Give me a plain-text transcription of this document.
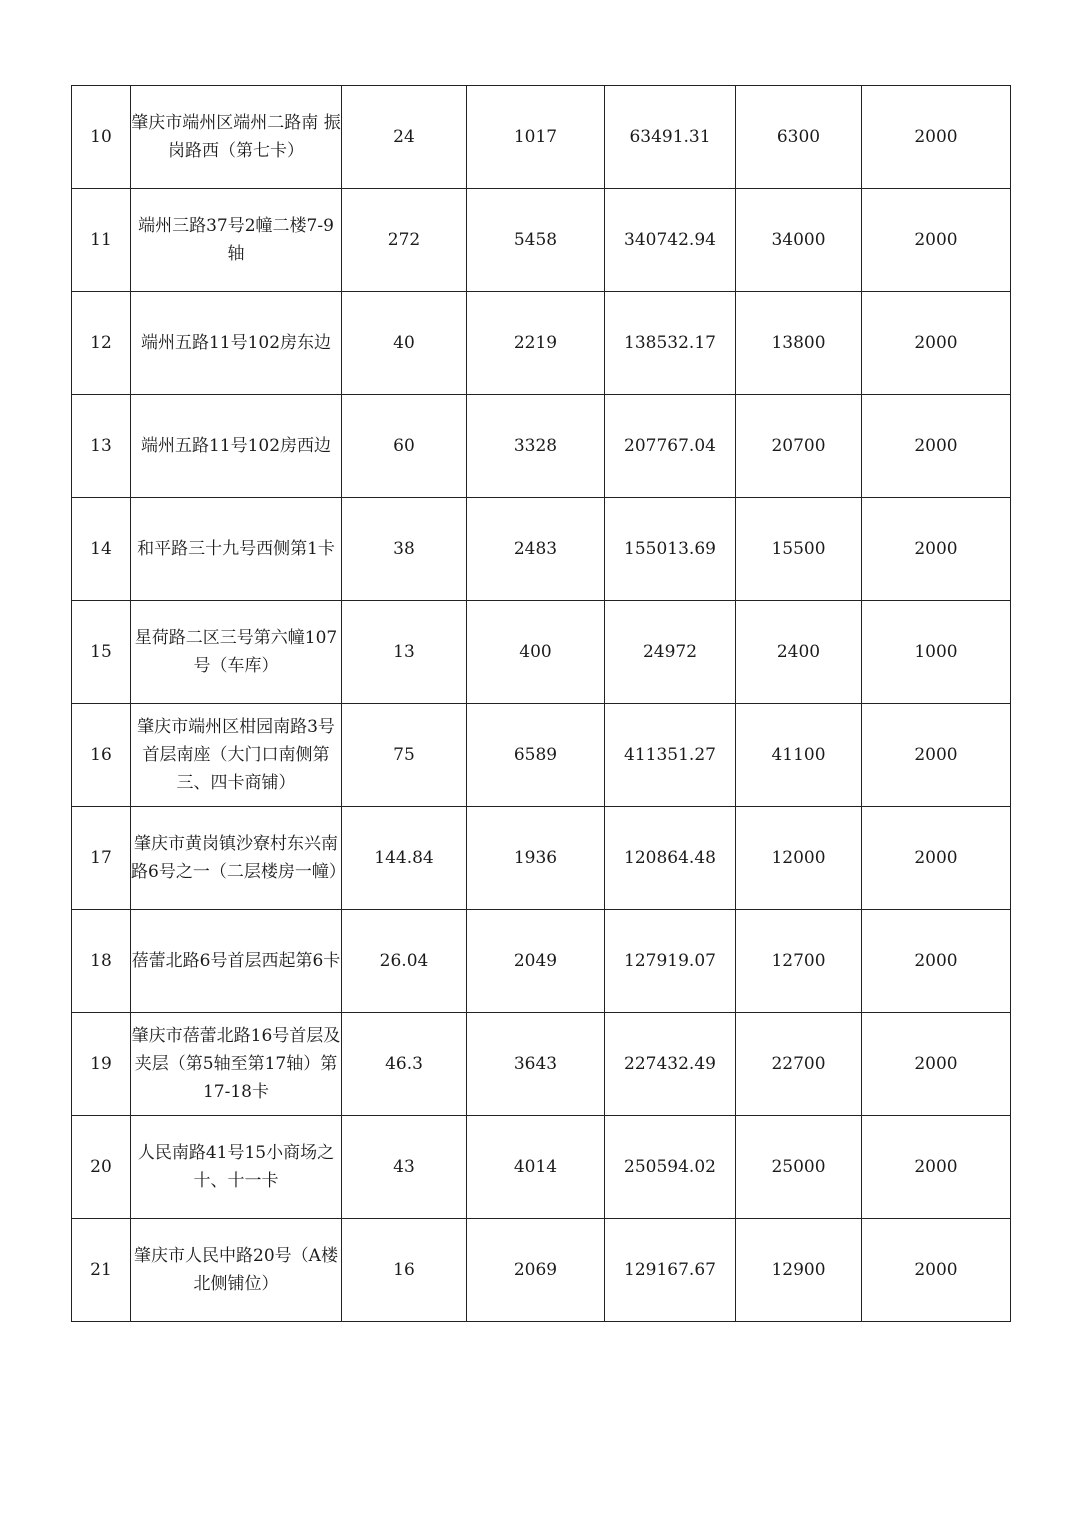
10	肇庆市端州区端州二路南 振岗路西（第七卡）	24	1017	63491.31	6300	2000
11	端州三路37号2幢二楼7-9轴	272	5458	340742.94	34000	2000
12	端州五路11号102房东边	40	2219	138532.17	13800	2000
13	端州五路11号102房西边	60	3328	207767.04	20700	2000
14	和平路三十九号西侧第1卡	38	2483	155013.69	15500	2000
15	星荷路二区三号第六幢107号（车库）	13	400	24972	2400	1000
16	肇庆市端州区柑园南路3号首层南座（大门口南侧第三、四卡商铺）	75	6589	411351.27	41100	2000
17	肇庆市黄岗镇沙寮村东兴南路6号之一（二层楼房一幢）	144.84	1936	120864.48	12000	2000
18	蓓蕾北路6号首层西起第6卡	26.04	2049	127919.07	12700	2000
19	肇庆市蓓蕾北路16号首层及夹层（第5轴至第17轴）第17-18卡	46.3	3643	227432.49	22700	2000
20	人民南路41号15小商场之十、十一卡	43	4014	250594.02	25000	2000
21	肇庆市人民中路20号（A楼北侧铺位）	16	2069	129167.67	12900	2000
